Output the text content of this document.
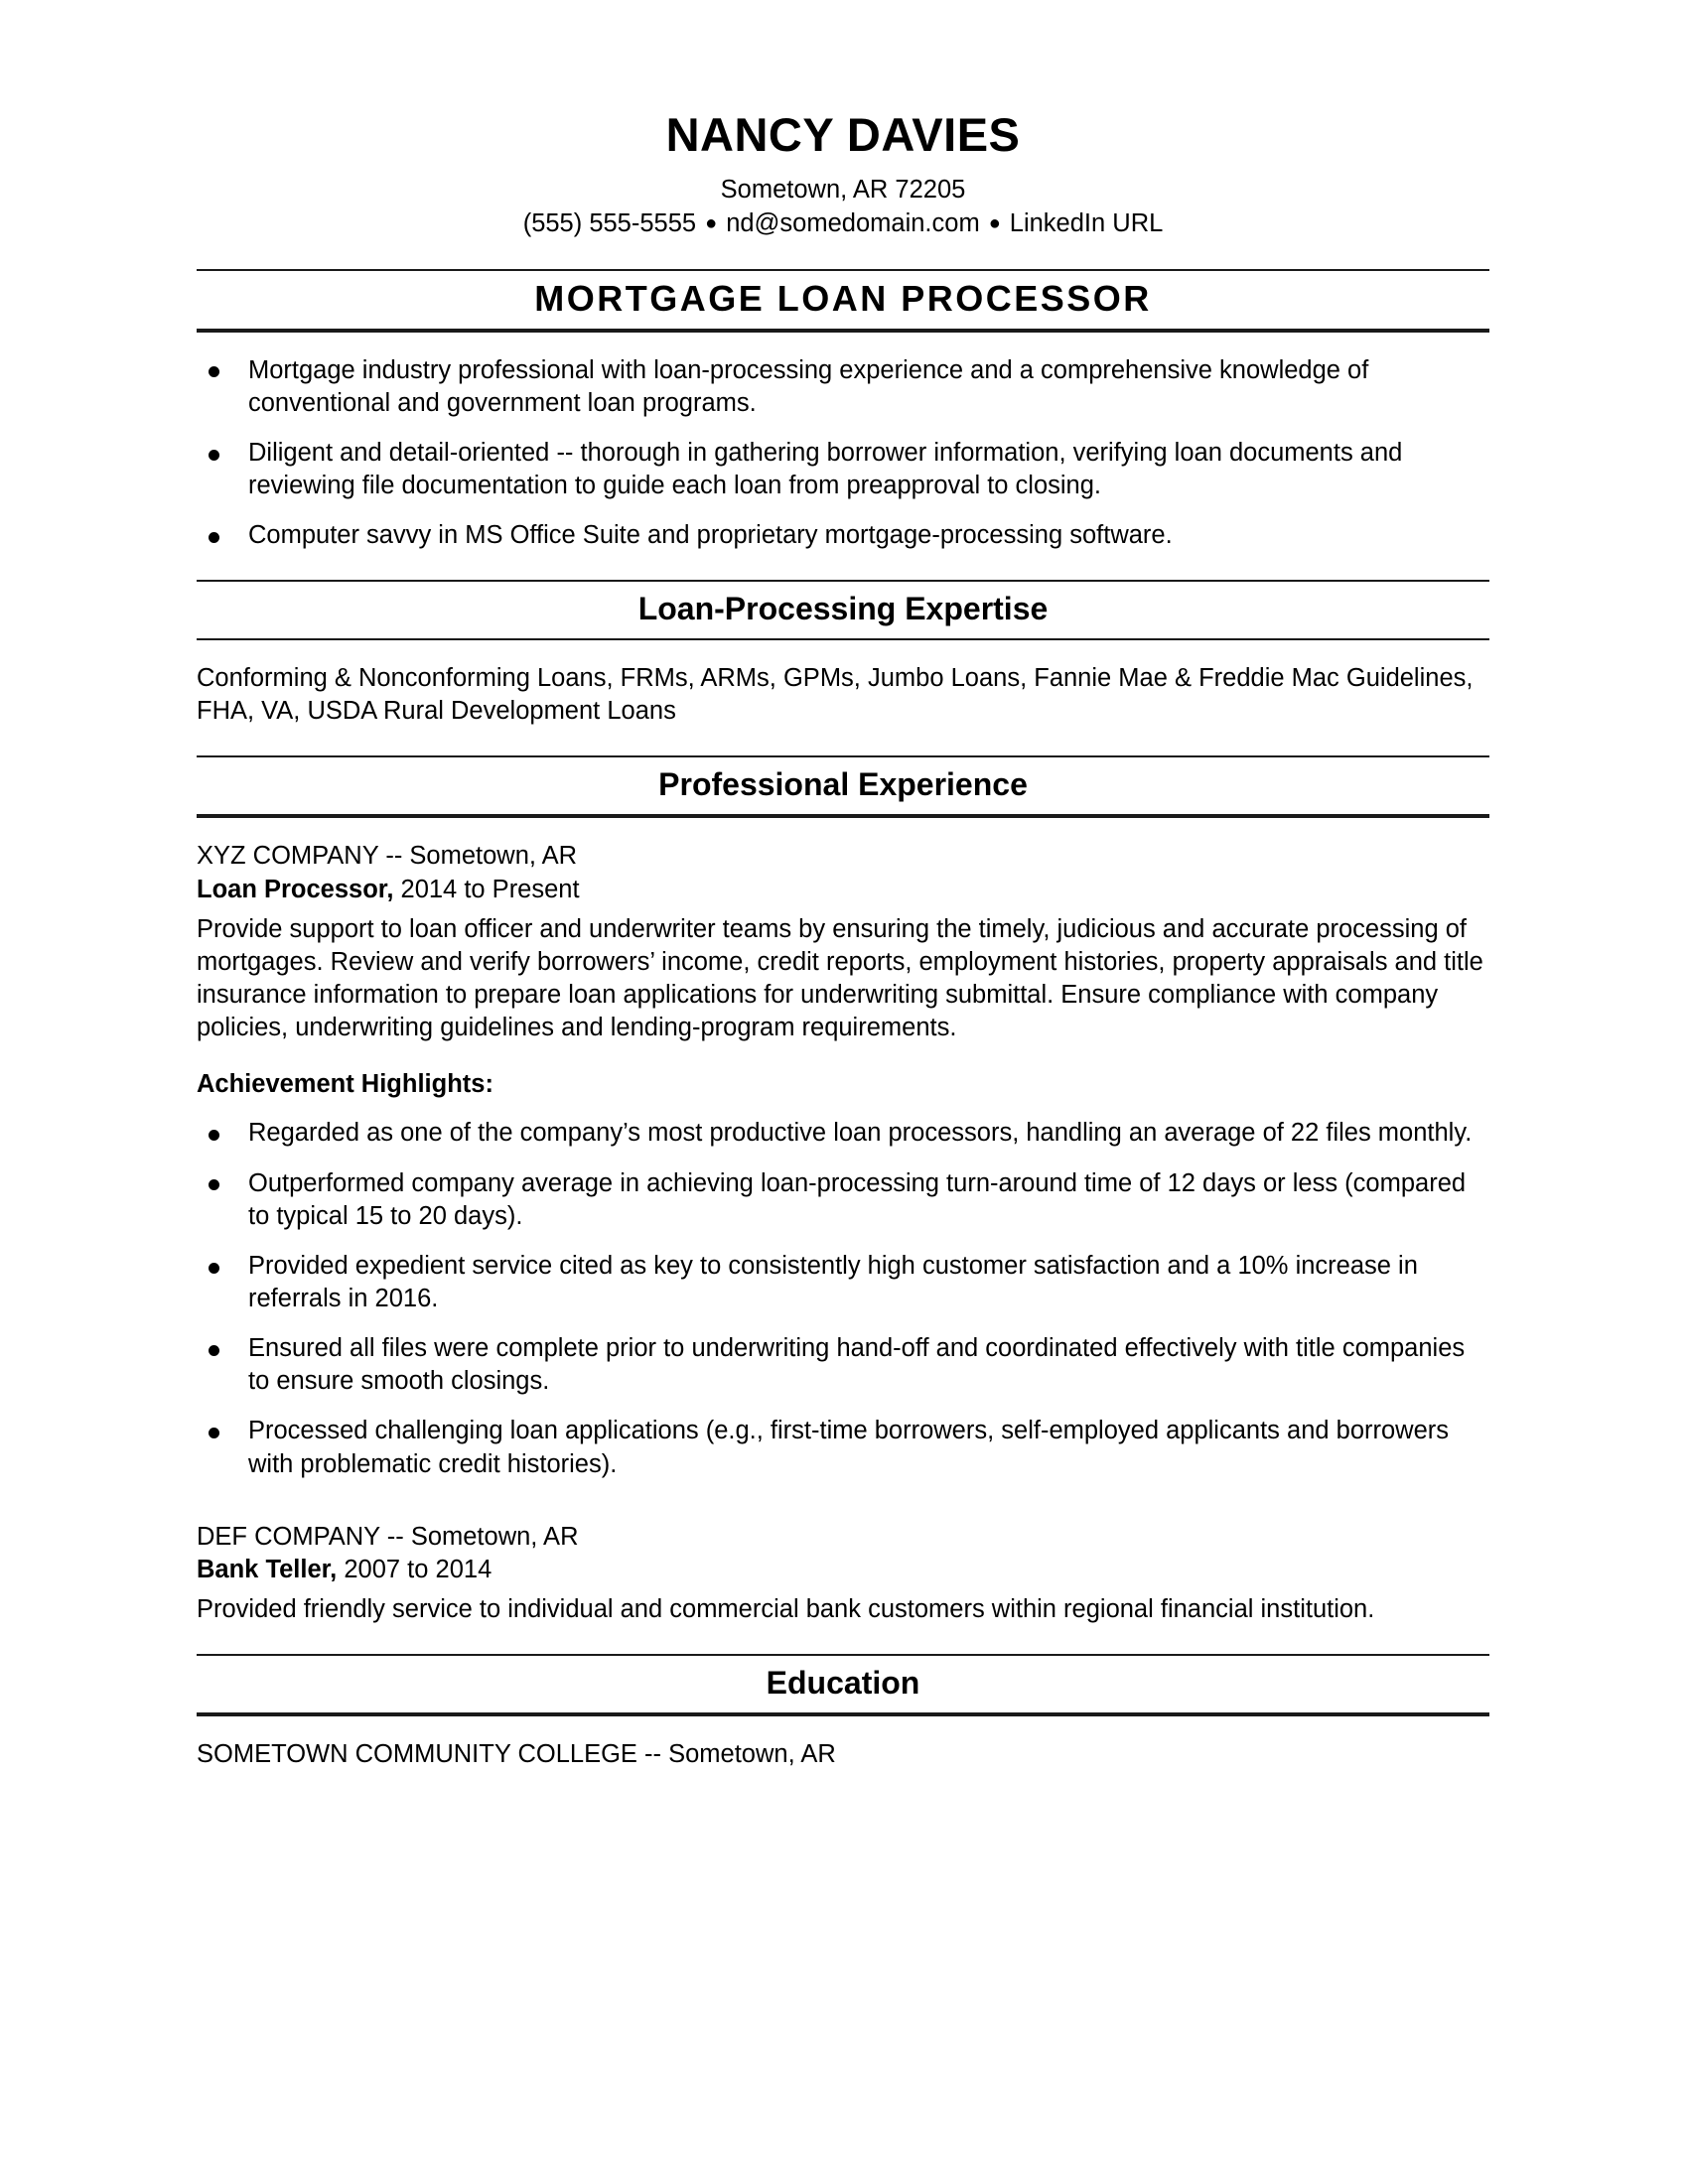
NANCY DAVIES

Sometown, AR 72205

(555) 555-5555 ● nd@somedomain.com ● LinkedIn URL

MORTGAGE LOAN PROCESSOR
Mortgage industry professional with loan-processing experience and a comprehensive knowledge of conventional and government loan programs.
Diligent and detail-oriented -- thorough in gathering borrower information, verifying loan documents and reviewing file documentation to guide each loan from preapproval to closing.
Computer savvy in MS Office Suite and proprietary mortgage-processing software.
Loan-Processing Expertise

Conforming & Nonconforming Loans, FRMs, ARMs, GPMs, Jumbo Loans, Fannie Mae & Freddie Mac Guidelines, FHA, VA, USDA Rural Development Loans

Professional Experience

XYZ COMPANY -- Sometown, AR

Loan Processor, 2014 to Present

Provide support to loan officer and underwriter teams by ensuring the timely, judicious and accurate processing of mortgages. Review and verify borrowers’ income, credit reports, employment histories, property appraisals and title insurance information to prepare loan applications for underwriting submittal. Ensure compliance with company policies, underwriting guidelines and lending-program requirements.

Achievement Highlights:

Regarded as one of the company’s most productive loan processors, handling an average of 22 files monthly.
Outperformed company average in achieving loan-processing turn-around time of 12 days or less (compared to typical 15 to 20 days).
Provided expedient service cited as key to consistently high customer satisfaction and a 10% increase in referrals in 2016.
Ensured all files were complete prior to underwriting hand-off and coordinated effectively with title companies to ensure smooth closings.
Processed challenging loan applications (e.g., first-time borrowers, self-employed applicants and borrowers with problematic credit histories).

DEF COMPANY -- Sometown, AR

Bank Teller, 2007 to 2014

Provided friendly service to individual and commercial bank customers within regional financial institution.

Education

SOMETOWN COMMUNITY COLLEGE -- Sometown, AR
